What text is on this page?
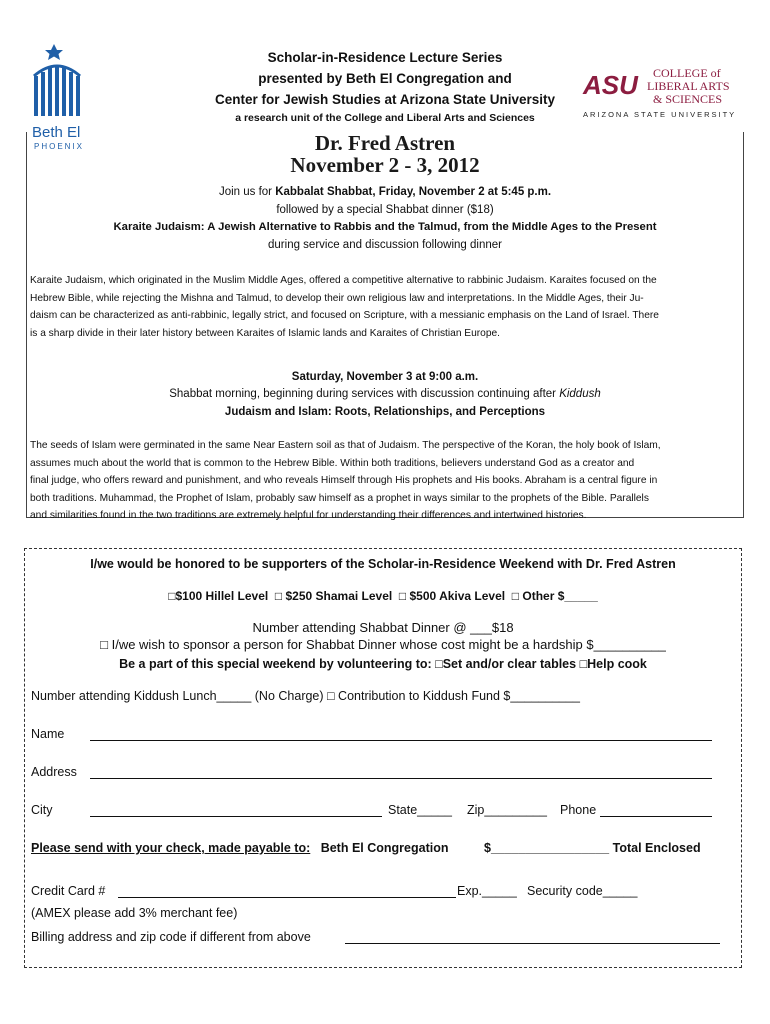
Beth El
PHOENIX
ASU COLLEGE of
LIBERAL ARTS
& SCIENCES
ARIZONA STATE UNIVERSITY
Scholar-in-Residence Lecture Series
presented by Beth El Congregation and
Center for Jewish Studies at Arizona State University
a research unit of the College and Liberal Arts and Sciences
Dr. Fred Astren
November 2 - 3, 2012
Join us for Kabbalat Shabbat, Friday, November 2 at 5:45 p.m.
followed by a special Shabbat dinner ($18)
Karaite Judaism: A Jewish Alternative to Rabbis and the Talmud, from the Middle Ages to the Present
during service and discussion following dinner
Karaite Judaism, which originated in the Muslim Middle Ages, offered a competitive alternative to rabbinic Judaism. Karaites focused on the
Hebrew Bible, while rejecting the Mishna and Talmud, to develop their own religious law and interpretations. In the Middle Ages, their Ju-
daism can be characterized as anti-rabbinic, legally strict, and focused on Scripture, with a messianic emphasis on the Land of Israel. There
is a sharp divide in their later history between Karaites of Islamic lands and Karaites of Christian Europe.
Saturday, November 3 at 9:00 a.m.
Shabbat morning, beginning during services with discussion continuing after Kiddush
Judaism and Islam: Roots, Relationships, and Perceptions
The seeds of Islam were germinated in the same Near Eastern soil as that of Judaism. The perspective of the Koran, the holy book of Islam,
assumes much about the world that is common to the Hebrew Bible. Within both traditions, believers understand God as a creator and
final judge, who offers reward and punishment, and who reveals Himself through His prophets and His books. Abraham is a central figure in
both traditions. Muhammad, the Prophet of Islam, probably saw himself as a prophet in ways similar to the prophets of the Bible. Parallels
and similarities found in the two traditions are extremely helpful for understanding their differences and intertwined histories.
I/we would be honored to be supporters of the Scholar-in-Residence Weekend with Dr. Fred Astren
□$100 Hillel Level □ $250 Shamai Level □ $500 Akiva Level □ Other $_____
Number attending Shabbat Dinner @ ___$18
□ I/we wish to sponsor a person for Shabbat Dinner whose cost might be a hardship $__________
Be a part of this special weekend by volunteering to: □Set and/or clear tables □Help cook
Number attending Kiddush Lunch_____ (No Charge) □ Contribution to Kiddush Fund $__________
Name
Address
City	State_____ Zip_________ Phone
Please send with your check, made payable to: Beth El Congregation	$_________________ Total Enclosed
Credit Card #	Exp._____ Security code_____
(AMEX please add 3% merchant fee)
Billing address and zip code if different from above
